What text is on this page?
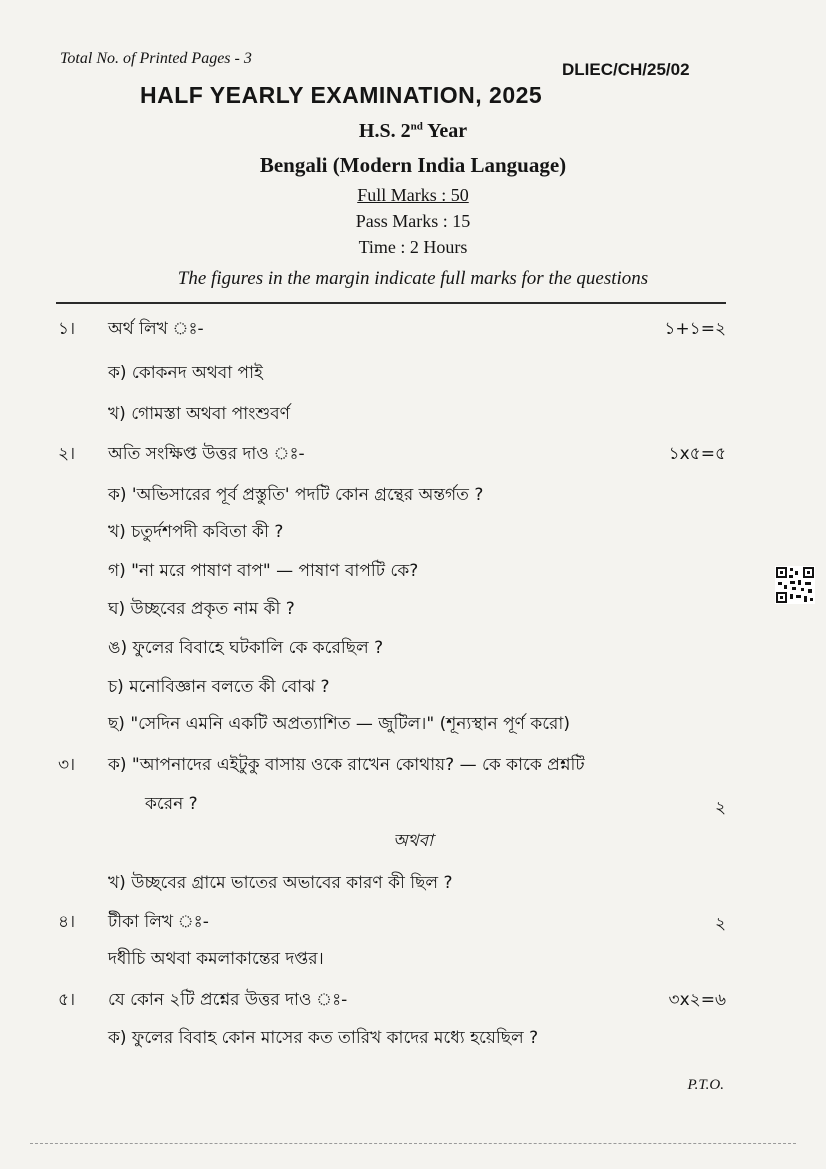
Total No. of Printed Pages - 3
DLIEC/CH/25/02
HALF YEARLY EXAMINATION, 2025
H.S. 2nd Year
Bengali (Modern India Language)
Full Marks : 50
Pass Marks : 15
Time : 2 Hours
The figures in the margin indicate full marks for the questions
১। অর্থ লিখ ঃ-	১+১=২
ক) কোকনদ অথবা পাই
খ) গোমস্তা অথবা পাংশুবর্ণ
২। অতি সংক্ষিপ্ত উত্তর দাও ঃ-	১x৫=৫
ক) 'অভিসারের পূর্ব প্রস্তুতি' পদটি কোন গ্রন্থের অন্তর্গত ?
খ) চতুর্দশপদী কবিতা কী ?
গ) "না মরে পাষাণ বাপ" — পাষাণ বাপটি কে?
ঘ) উচ্ছবের প্রকৃত নাম কী ?
ঙ) ফুলের বিবাহে ঘটকালি কে করেছিল ?
চ) মনোবিজ্ঞান বলতে কী বোঝ ?
ছ) "সেদিন এমনি একটি অপ্রত্যাশিত — জুটিল।" (শূন্যস্থান পূর্ণ করো)
৩। ক) "আপনাদের এইটুকু বাসায় ওকে রাখেন কোথায়? — কে কাকে প্রশ্নটি
করেন ?	২
অথবা
খ) উচ্ছবের গ্রামে ভাতের অভাবের কারণ কী ছিল ?
৪। টীকা লিখ ঃ-	২
দধীচি অথবা কমলাকান্তের দপ্তর।
৫। যে কোন ২টি প্রশ্নের উত্তর দাও ঃ-	৩x২=৬
ক) ফুলের বিবাহ কোন মাসের কত তারিখ কাদের মধ্যে হয়েছিল ?
P.T.O.
